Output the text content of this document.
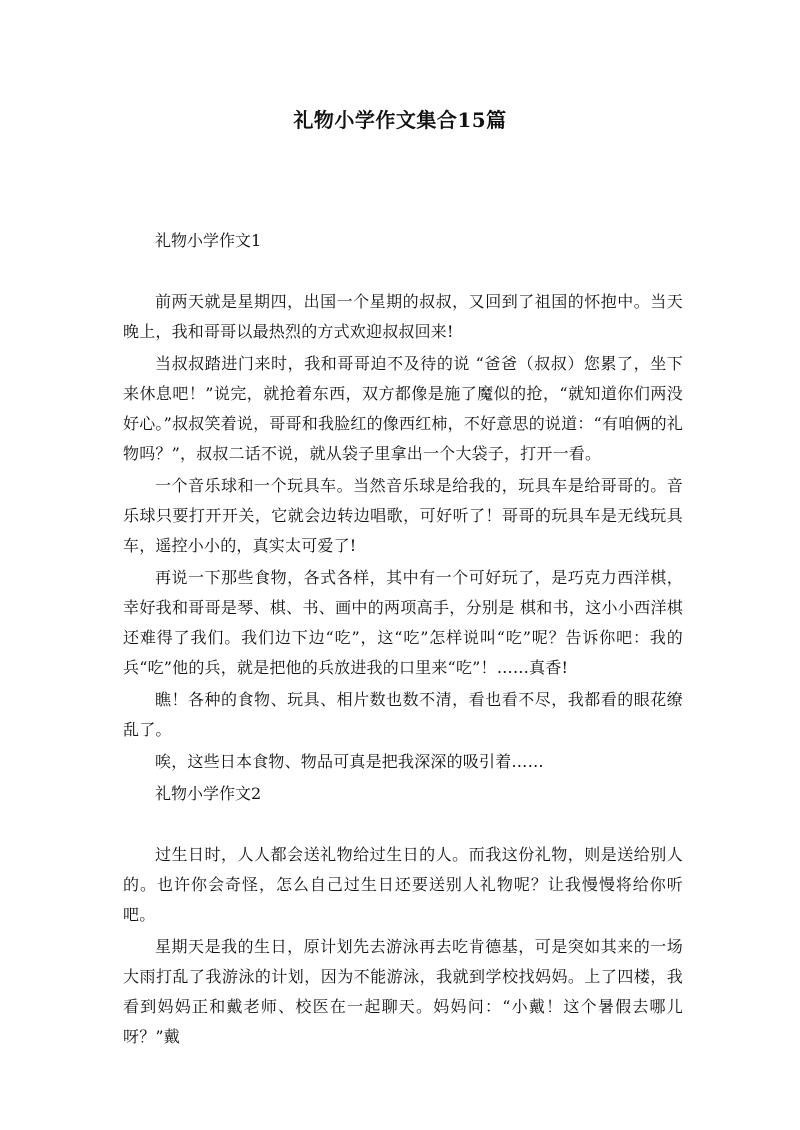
礼物小学作文集合15篇

礼物小学作文1

前两天就是星期四，出国一个星期的叔叔，又回到了祖国的怀抱中。当天晚上，我和哥哥以最热烈的方式欢迎叔叔回来!

当叔叔踏进门来时，我和哥哥迫不及待的说 “爸爸（叔叔）您累了，坐下来休息吧！”说完，就抢着东西，双方都像是施了魔似的抢，“就知道你们两没好心。”叔叔笑着说，哥哥和我脸红的像西红柿，不好意思的说道：“有咱俩的礼物吗？”，叔叔二话不说，就从袋子里拿出一个大袋子，打开一看。

一个音乐球和一个玩具车。当然音乐球是给我的，玩具车是给哥哥的。音乐球只要打开开关，它就会边转边唱歌，可好听了！哥哥的玩具车是无线玩具车，遥控小小的，真实太可爱了!

再说一下那些食物，各式各样，其中有一个可好玩了，是巧克力西洋棋，幸好我和哥哥是琴、棋、书、画中的两项高手，分别是 棋和书，这小小西洋棋还难得了我们。我们边下边“吃”，这“吃”怎样说叫“吃”呢？告诉你吧：我的兵“吃”他的兵，就是把他的兵放进我的口里来“吃”！……真香!

瞧！各种的食物、玩具、相片数也数不清，看也看不尽，我都看的眼花缭乱了。

唉，这些日本食物、物品可真是把我深深的吸引着……

礼物小学作文2

过生日时，人人都会送礼物给过生日的人。而我这份礼物，则是送给别人的。也许你会奇怪，怎么自己过生日还要送别人礼物呢？让我慢慢将给你听吧。

星期天是我的生日，原计划先去游泳再去吃肯德基，可是突如其来的一场大雨打乱了我游泳的计划，因为不能游泳，我就到学校找妈妈。上了四楼，我看到妈妈正和戴老师、校医在一起聊天。妈妈问：“小戴！这个暑假去哪儿呀？”戴
